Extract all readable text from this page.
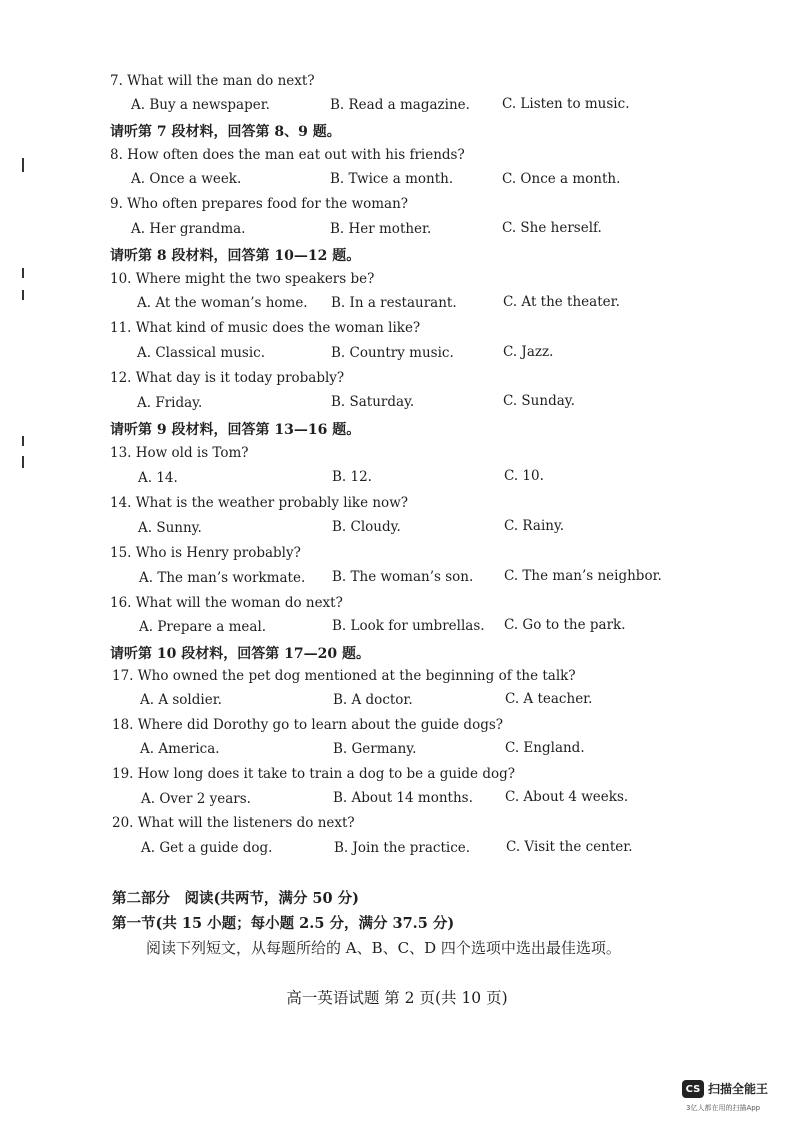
7. What will the man do next?
A. Buy a newspaper.	B. Read a magazine. C. Listen to music.
请听第 7 段材料，回答第 8、9 题。
8. How often does the man eat out with his friends?
A. Once a week.	B. Twice a month.	C. Once a month.
9. Who often prepares food for the woman?
A. Her grandma.	B. Her mother.	C. She herself.
请听第 8 段材料，回答第 10—12 题。
10. Where might the two speakers be?
A. At the woman’s home. B. In a restaurant.	C. At the theater.
11. What kind of music does the woman like?
A. Classical music.	B. Country music.	C. Jazz.
12. What day is it today probably?
A. Friday.	B. Saturday.	C. Sunday.
请听第 9 段材料，回答第 13—16 题。
13. How old is Tom?
A. 14.	B. 12.	C. 10.
14. What is the weather probably like now?
A. Sunny.	B. Cloudy.	C. Rainy.
15. Who is Henry probably?
A. The man’s workmate. B. The woman’s son. C. The man’s neighbor.
16. What will the woman do next?
A. Prepare a meal.	B. Look for umbrellas. C. Go to the park.
请听第 10 段材料，回答第 17—20 题。
17. Who owned the pet dog mentioned at the beginning of the talk?
A. A soldier.	B. A doctor.	C. A teacher.
18. Where did Dorothy go to learn about the guide dogs?
A. America.	B. Germany.	C. England.
19. How long does it take to train a dog to be a guide dog?
A. Over 2 years.	B. About 14 months. C. About 4 weeks.
20. What will the listeners do next?
A. Get a guide dog.	B. Join the practice.	C. Visit the center.
第二部分　阅读(共两节，满分 50 分)
第一节(共 15 小题；每小题 2.5 分，满分 37.5 分)
阅读下列短文，从每题所给的 A、B、C、D 四个选项中选出最佳选项。
高一英语试题 第 2 页(共 10 页)
CS 扫描全能王
3亿人都在用的扫描App
